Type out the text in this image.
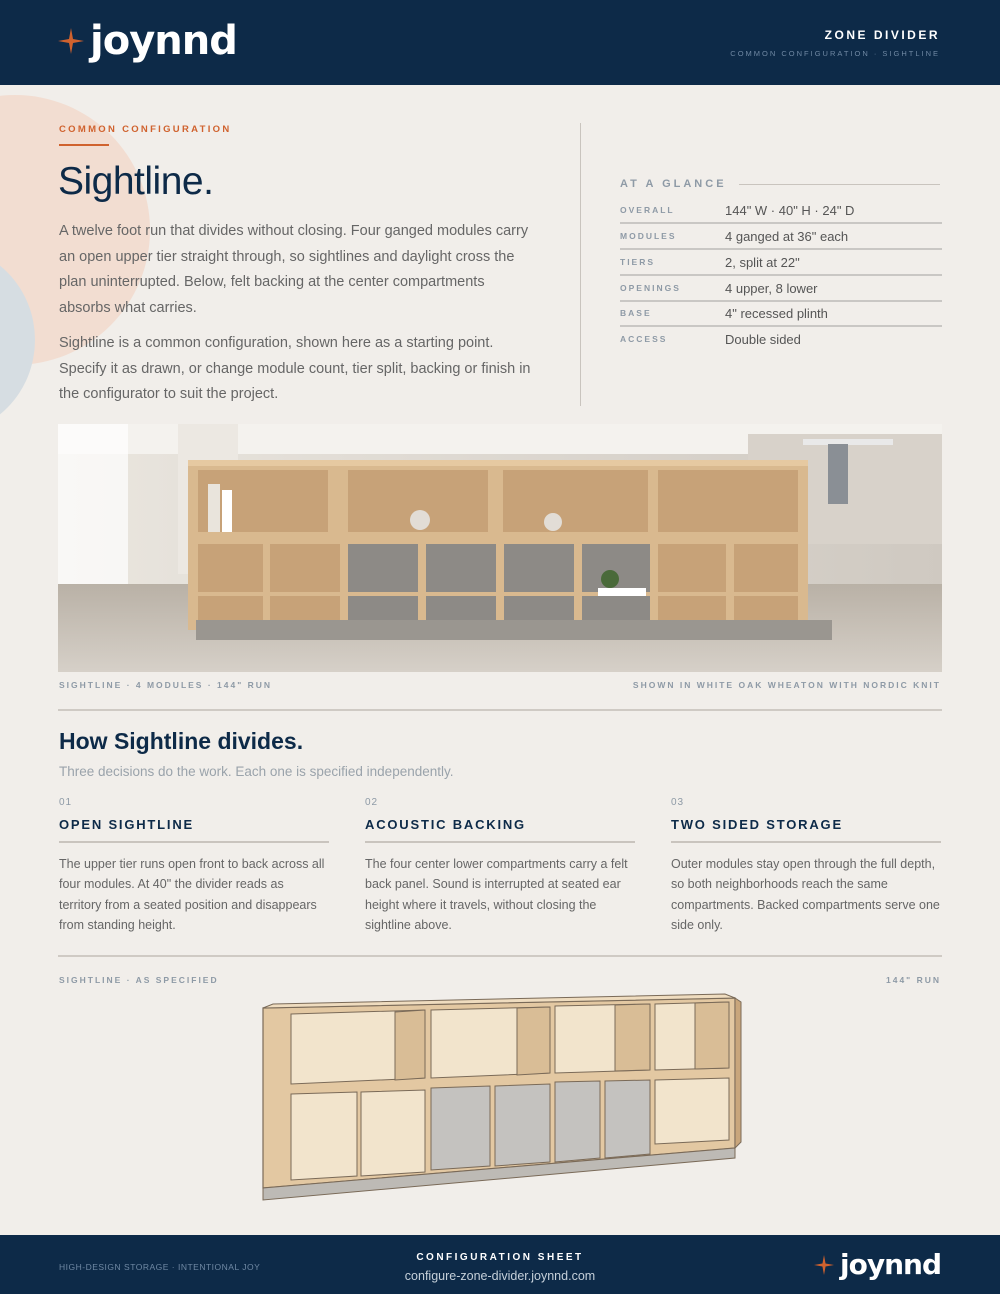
joynnd	ZONE DIVIDER
COMMON CONFIGURATION · SIGHTLINE
COMMON CONFIGURATION
Sightline.

A twelve foot run that divides without closing. Four ganged modules carry an open upper tier straight through, so sightlines and daylight cross the plan uninterrupted. Below, felt backing at the center compartments absorbs what carries.

Sightline is a common configuration, shown here as a starting point. Specify it as drawn, or change module count, tier split, backing or finish in the configurator to suit the project.

AT A GLANCE
OVERALL	144" W · 40" H · 24" D
MODULES	4 ganged at 36" each
TIERS	2, split at 22"
OPENINGS	4 upper, 8 lower
BASE	4" recessed plinth
ACCESS	Double sided
SIGHTLINE · 4 MODULES · 144" RUN	SHOWN IN WHITE OAK WHEATON WITH NORDIC KNIT
How Sightline divides.

Three decisions do the work. Each one is specified independently.

01
OPEN SIGHTLINE
The upper tier runs open front to back across all four modules. At 40" the divider reads as territory from a seated position and disappears from standing height.
02
ACOUSTIC BACKING
The four center lower compartments carry a felt back panel. Sound is interrupted at seated ear height where it travels, without closing the sightline above.
03
TWO SIDED STORAGE
Outer modules stay open through the full depth, so both neighborhoods reach the same compartments. Backed compartments serve one side only.
SIGHTLINE · AS SPECIFIED	144" RUN
HIGH-DESIGN STORAGE · INTENTIONAL JOY
CONFIGURATION SHEET
configure-zone-divider.joynnd.com	joynnd
